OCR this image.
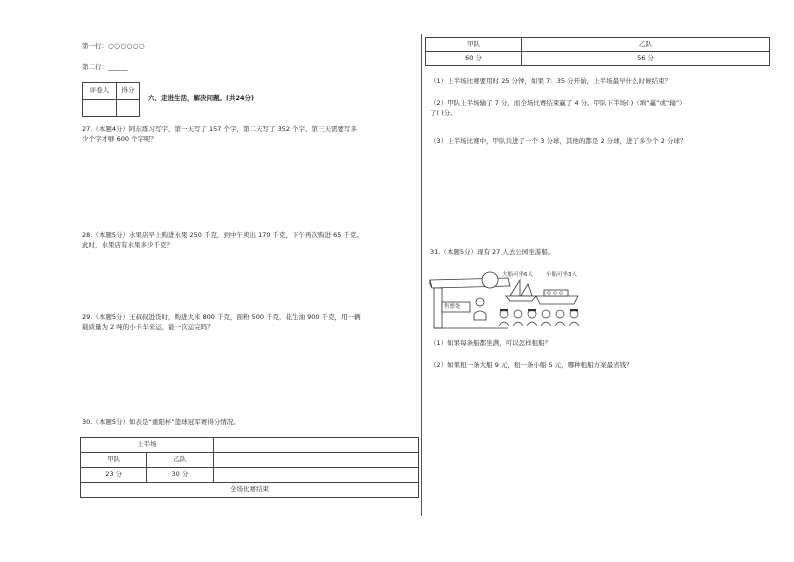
第一行：○○○○○○
第二行：______
评卷人	得分

六、走进生活，解决问题。(共24分)
27.（本题4分）阿东练习写字，第一天写了 157 个字，第二天写了 352 个字，第三天需要写多
少个字才够 600 个字呢？
28.（本题5分）水果店早上购进水果 250 千克，到中午卖出 170 千克，下午再次购进 65 千克。
此时，水果店有水果多少千克？
29.（本题5分）王叔叔进货时，购进大米 800 千克，面粉 500 千克，花生油 900 千克，用一辆
载质量为 2 吨的小卡车来运，能一次运完吗？
30.（本题5分）如表是“重阳杯”篮球冠军赛得分情况。
上半场		
甲队	乙队	
23 分	30 分	
全场比赛结束		
甲队	乙队
60 分	56 分
（1）上半场比赛要用时 25 分钟，如果 7：35 分开始，上半场最早什么时候结束？
（2）甲队上半场输了 7 分，而全场比赛结束赢了 4 分。甲队下半场( )（填“赢”或“输”）
了( )分。
（3）上半场比赛中，甲队共进了一个 3 分球，其他的都是 2 分球，进了多少个 2 分球？
31.（本题5分）现有 27 人去公园坐游船。
售票处
大船可坐6人 小船可坐3人
（1）如果每条船都坐满，可以怎样租船？
（2）如果租一条大船 9 元，租一条小船 5 元，哪种租船方案最省钱？
